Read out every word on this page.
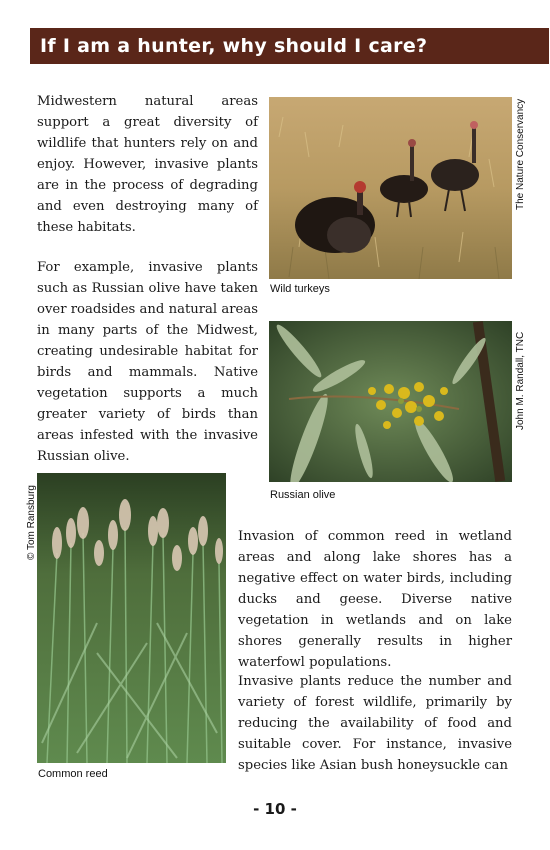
If I am a hunter, why should I care?

Midwestern natural areas support a great diversity of wildlife that hunters rely on and enjoy. However, invasive plants are in the process of degrading and even destroying many of these habitats.

For example, invasive plants such as Russian olive have taken over roadsides and natural areas in many parts of the Midwest, creating undesirable habitat for birds and mammals. Native vegetation supports a much greater variety of birds than areas infested with the invasive Russian olive.

Invasion of common reed in wetland areas and along lake shores has a negative effect on water birds, including ducks and geese. Diverse native vegetation in wetlands and on lake shores generally results in higher waterfowl populations.

Invasive plants reduce the number and variety of forest wildlife, primarily by reducing the availability of food and suitable cover. For instance, invasive species like Asian bush honeysuckle can

Wild turkeys
The Nature Conservancy
Russian olive
John M. Randall, TNC
Common reed
© Tom Ransburg
- 10 -
